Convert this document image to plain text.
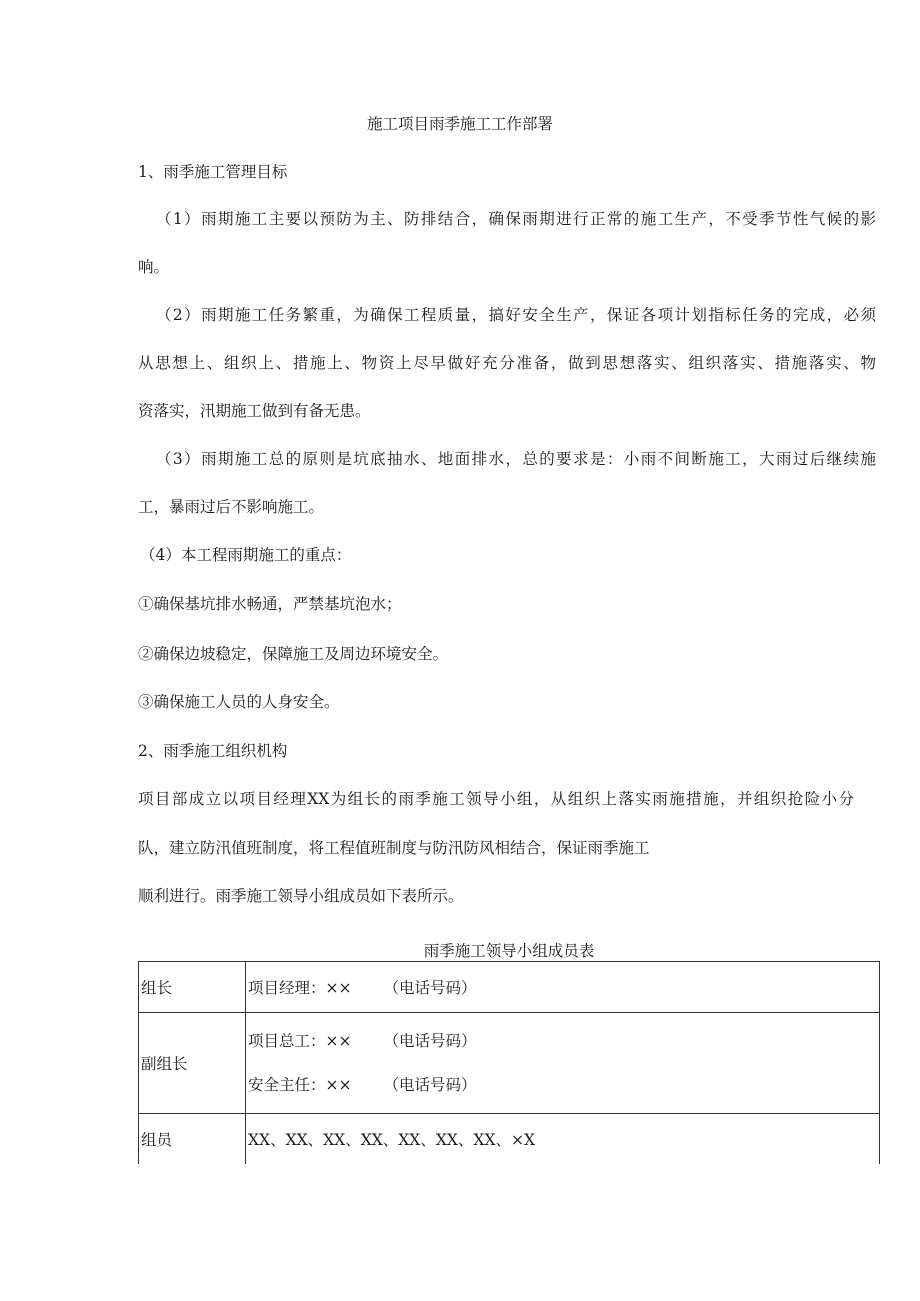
施工项目雨季施工工作部署
1、雨季施工管理目标
（1）雨期施工主要以预防为主、防排结合，确保雨期进行正常的施工生产，不受季节性气候的影
响。
（2）雨期施工任务繁重，为确保工程质量，搞好安全生产，保证各项计划指标任务的完成，必须
从思想上、组织上、措施上、物资上尽早做好充分准备，做到思想落实、组织落实、措施落实、物
资落实，汛期施工做到有备无患。
（3）雨期施工总的原则是坑底抽水、地面排水，总的要求是：小雨不间断施工，大雨过后继续施
工，暴雨过后不影响施工。
（4）本工程雨期施工的重点：
①确保基坑排水畅通，严禁基坑泡水；
②确保边坡稳定，保障施工及周边环境安全。
③确保施工人员的人身安全。
2、雨季施工组织机构
项目部成立以项目经理XX为组长的雨季施工领导小组，从组织上落实雨施措施，并组织抢险小分
队，建立防汛值班制度，将工程值班制度与防汛防风相结合，保证雨季施工
顺利进行。雨季施工领导小组成员如下表所示。
雨季施工领导小组成员表
组长	项目经理：×× （电话号码）
副组长	项目总工：×× （电话号码）
安全主任：×× （电话号码）

组员	XX、XX、XX、XX、XX、XX、XX、×X
